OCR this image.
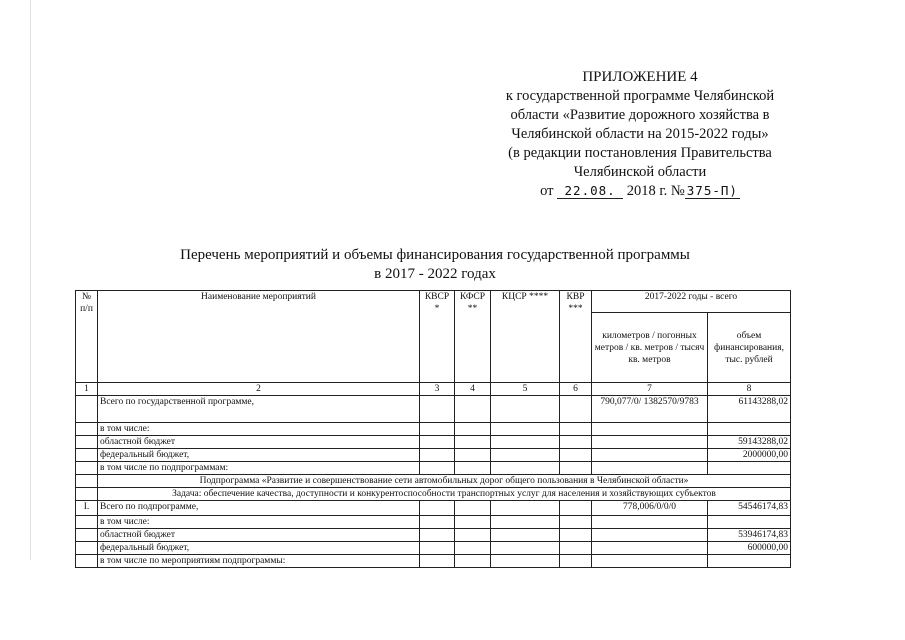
ПРИЛОЖЕНИЕ 4
к государственной программе Челябинской
области «Развитие дорожного хозяйства в
Челябинской области на 2015-2022 годы»
(в редакции постановления Правительства
Челябинской области
от 22.08. 2018 г. № 375-П)
Перечень мероприятий и объемы финансирования государственной программы
в 2017 - 2022 годах
№ п/п	Наименование мероприятий	КВСР *	КФСР **	КЦСР ****	КВР ***	2017-2022 годы - всего	
						километров / погонных метров / кв. метров / тысяч кв. метров	объем финансирования, тыс. рублей
1	2	3	4	5	6	7	8
	Всего по государственной программе,					790,077/0/ 1382570/9783	61143288,02
	в том числе:						
	областной бюджет						59143288,02
	федеральный бюджет,						2000000,00
	в том числе по подпрограммам:						
	Подпрограмма «Развитие и совершенствование сети автомобильных дорог общего пользования в Челябинской области»						
	Задача: обеспечение качества, доступности и конкурентоспособности транспортных услуг для населения и хозяйствующих субъектов						
I.	Всего по подпрограмме,					778,006/0/0/0	54546174,83
	в том числе:						
	областной бюджет						53946174,83
	федеральный бюджет,						600000,00
	в том числе по мероприятиям подпрограммы:						
